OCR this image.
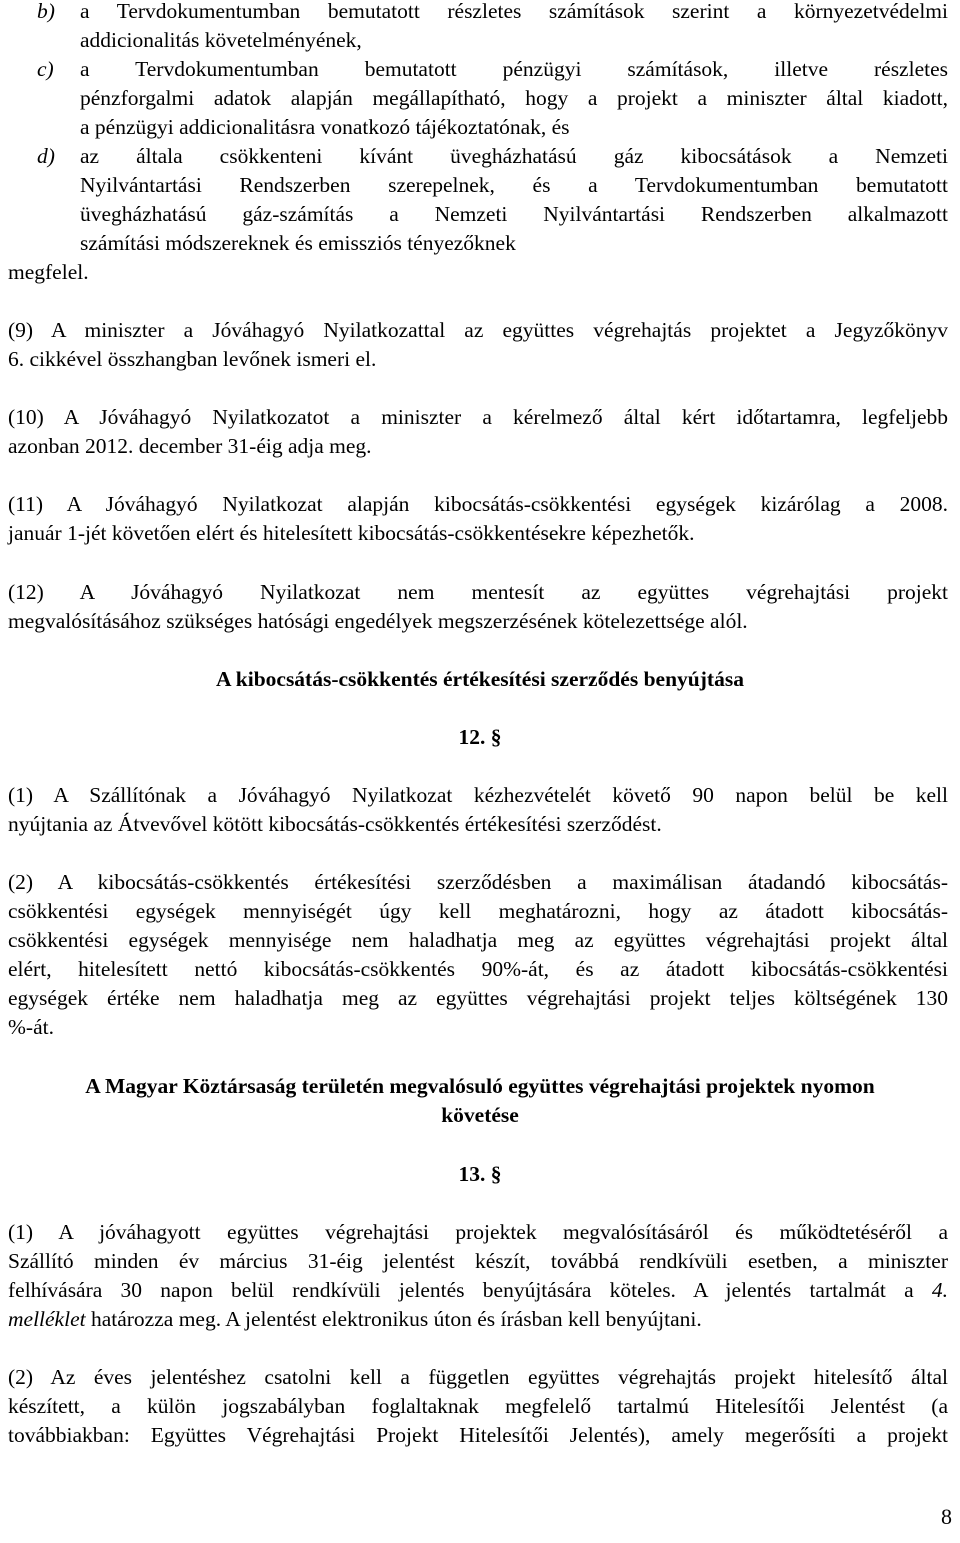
b) a Tervdokumentumban bemutatott részletes számítások szerint a környezetvédelmi
addicionalitás követelményének,
c) a Tervdokumentumban bemutatott pénzügyi számítások, illetve részletes
pénzforgalmi adatok alapján megállapítható, hogy a projekt a miniszter által kiadott,
a pénzügyi addicionalitásra vonatkozó tájékoztatónak, és
d) az általa csökkenteni kívánt üvegházhatású gáz kibocsátások a Nemzeti
Nyilvántartási Rendszerben szerepelnek, és a Tervdokumentumban bemutatott
üvegházhatású gáz-számítás a Nemzeti Nyilvántartási Rendszerben alkalmazott
számítási módszereknek és emissziós tényezőknek
megfelel.
(9) A miniszter a Jóváhagyó Nyilatkozattal az együttes végrehajtás projektet a Jegyzőkönyv
6. cikkével összhangban levőnek ismeri el.
(10) A Jóváhagyó Nyilatkozatot a miniszter a kérelmező által kért időtartamra, legfeljebb
azonban 2012. december 31-éig adja meg.
(11) A Jóváhagyó Nyilatkozat alapján kibocsátás-csökkentési egységek kizárólag a 2008.
január 1-jét követően elért és hitelesített kibocsátás-csökkentésekre képezhetők.
(12) A Jóváhagyó Nyilatkozat nem mentesít az együttes végrehajtási projekt
megvalósításához szükséges hatósági engedélyek megszerzésének kötelezettsége alól.
A kibocsátás-csökkentés értékesítési szerződés benyújtása
12. §
(1) A Szállítónak a Jóváhagyó Nyilatkozat kézhezvételét követő 90 napon belül be kell
nyújtania az Átvevővel kötött kibocsátás-csökkentés értékesítési szerződést.
(2) A kibocsátás-csökkentés értékesítési szerződésben a maximálisan átadandó kibocsátás-
csökkentési egységek mennyiségét úgy kell meghatározni, hogy az átadott kibocsátás-
csökkentési egységek mennyisége nem haladhatja meg az együttes végrehajtási projekt által
elért, hitelesített nettó kibocsátás-csökkentés 90%-át, és az átadott kibocsátás-csökkentési
egységek értéke nem haladhatja meg az együttes végrehajtási projekt teljes költségének 130
%-át.
A Magyar Köztársaság területén megvalósuló együttes végrehajtási projektek nyomon
követése
13. §
(1) A jóváhagyott együttes végrehajtási projektek megvalósításáról és működtetéséről a
Szállító minden év március 31-éig jelentést készít, továbbá rendkívüli esetben, a miniszter
felhívására 30 napon belül rendkívüli jelentés benyújtására köteles. A jelentés tartalmát a 4.
melléklet határozza meg. A jelentést elektronikus úton és írásban kell benyújtani.
(2) Az éves jelentéshez csatolni kell a független együttes végrehajtás projekt hitelesítő által
készített, a külön jogszabályban foglaltaknak megfelelő tartalmú Hitelesítői Jelentést (a
továbbiakban: Együttes Végrehajtási Projekt Hitelesítői Jelentés), amely megerősíti a projekt
8
